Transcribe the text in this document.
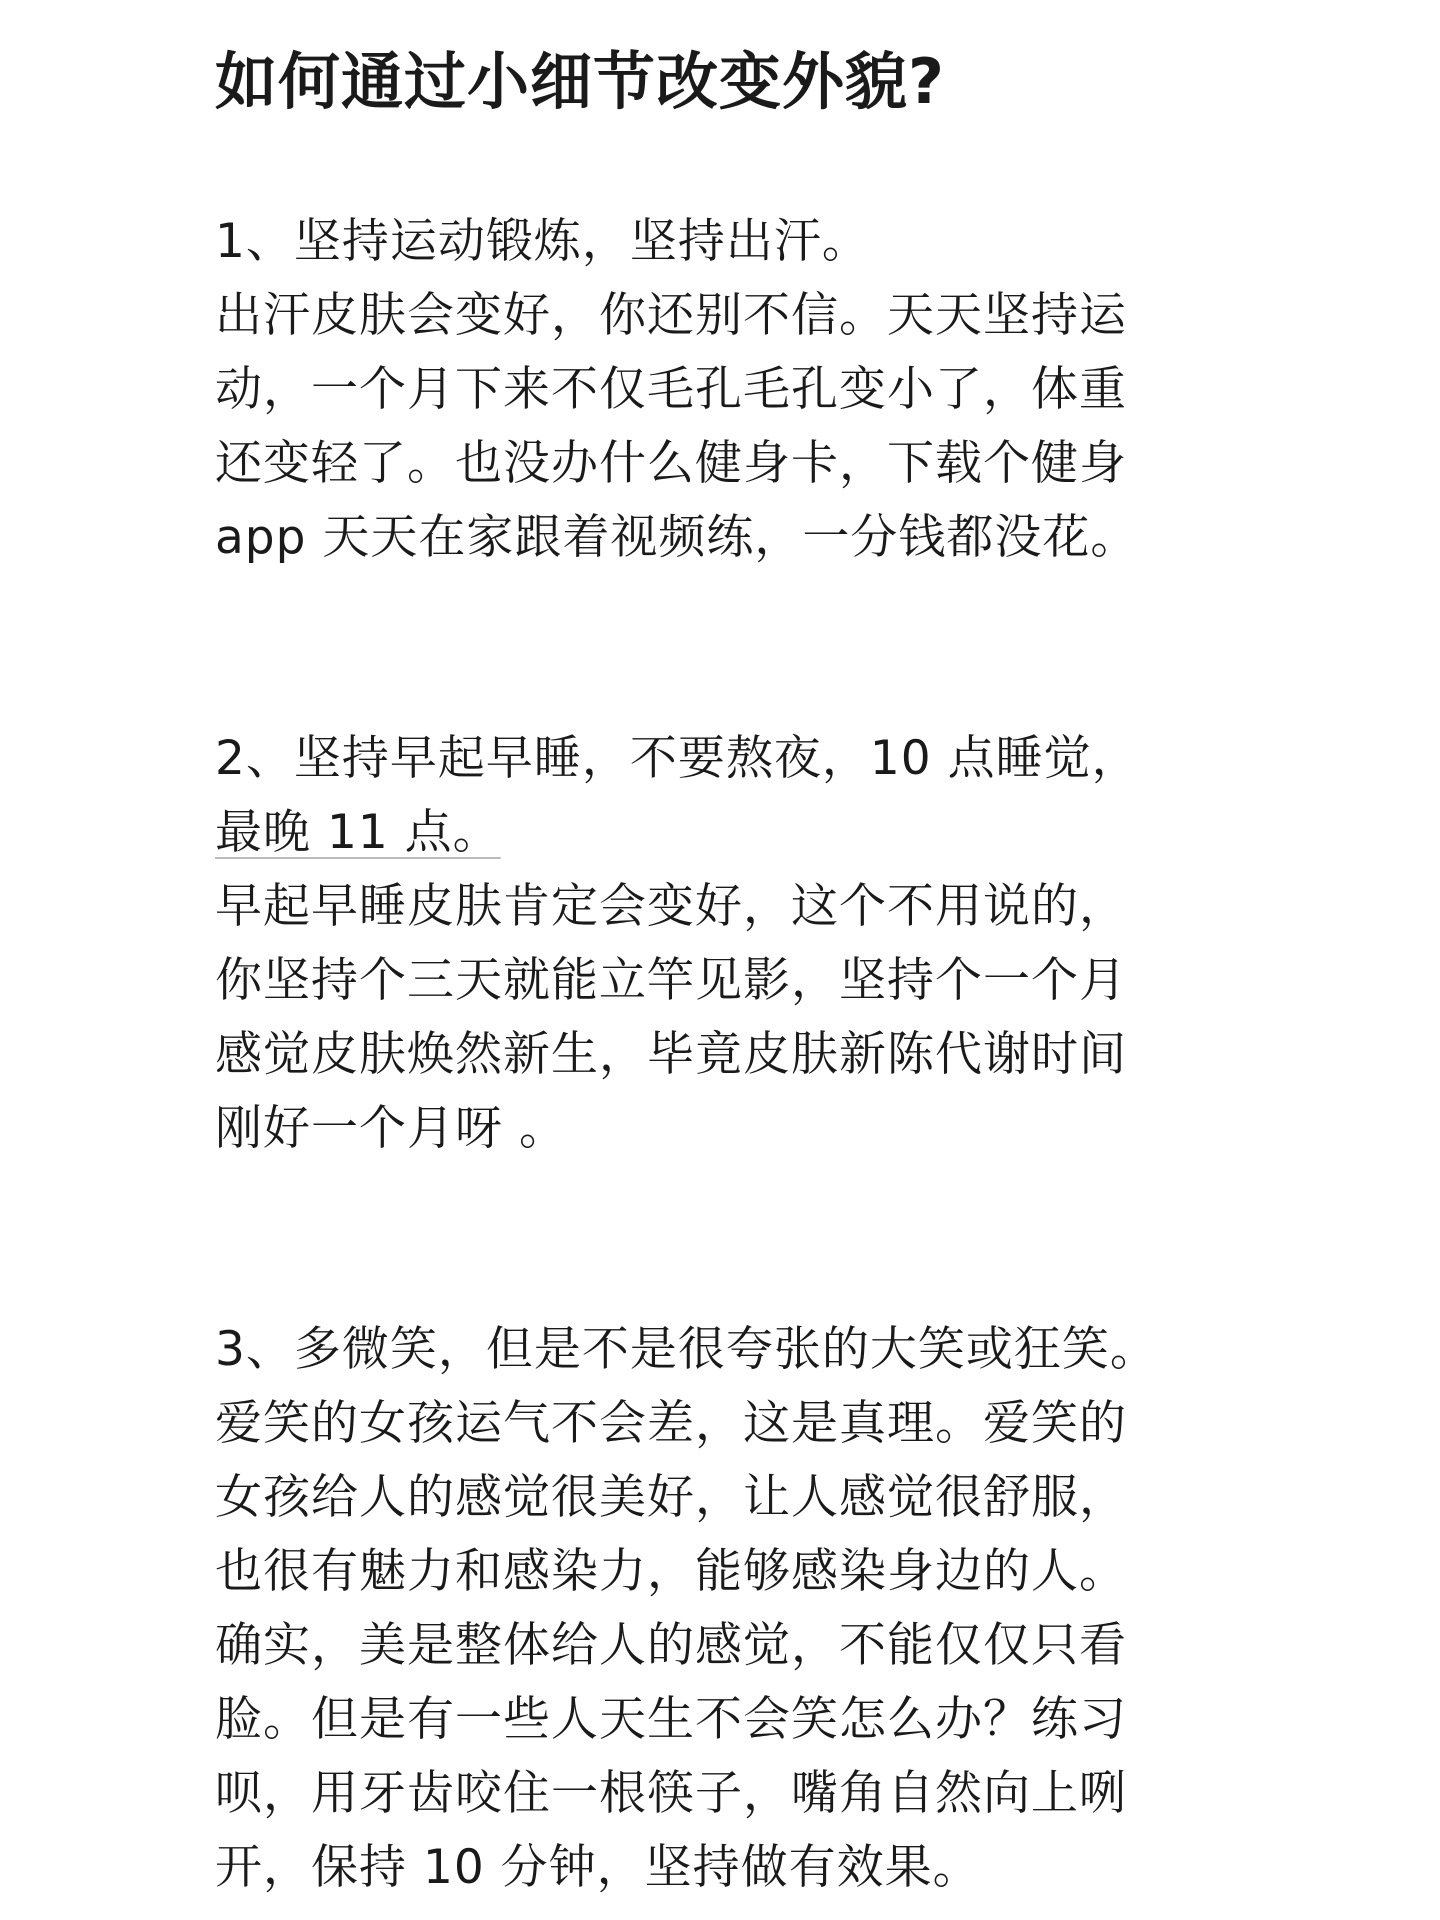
如何通过小细节改变外貌?
1、坚持运动锻炼，坚持出汗。
出汗皮肤会变好，你还别不信。天天坚持运
动，一个月下来不仅毛孔毛孔变小了，体重
还变轻了。也没办什么健身卡，下载个健身
app 天天在家跟着视频练，一分钱都没花。
2、坚持早起早睡，不要熬夜，10 点睡觉，
最晚 11 点。
早起早睡皮肤肯定会变好，这个不用说的，
你坚持个三天就能立竿见影，坚持个一个月
感觉皮肤焕然新生，毕竟皮肤新陈代谢时间
刚好一个月呀 。
3、多微笑，但是不是很夸张的大笑或狂笑。
爱笑的女孩运气不会差，这是真理。爱笑的
女孩给人的感觉很美好，让人感觉很舒服，
也很有魅力和感染力，能够感染身边的人。
确实，美是整体给人的感觉，不能仅仅只看
脸。但是有一些人天生不会笑怎么办？练习
呗，用牙齿咬住一根筷子，嘴角自然向上咧
开，保持 10 分钟，坚持做有效果。
